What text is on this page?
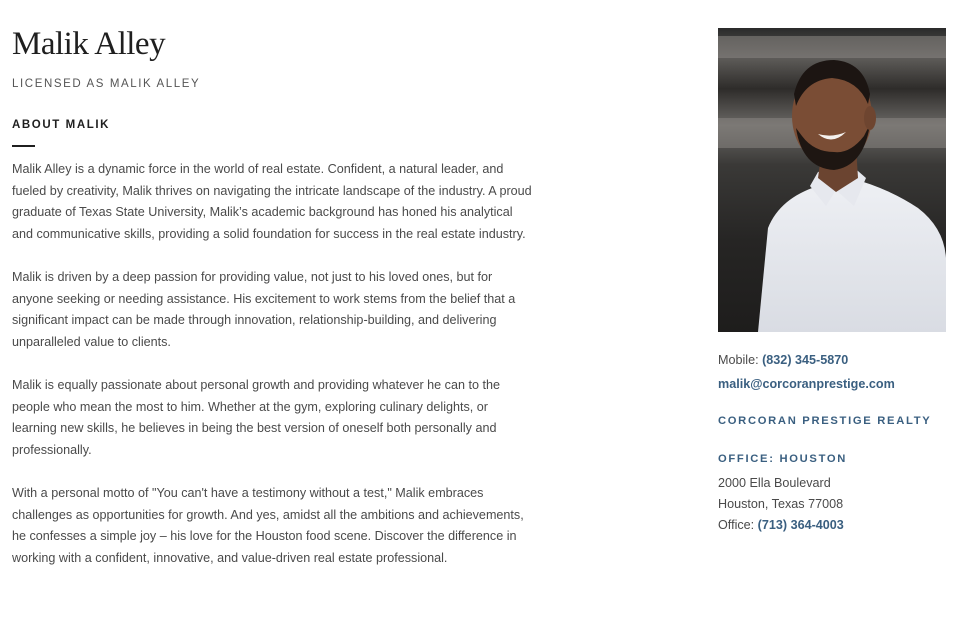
Malik Alley
LICENSED AS MALIK ALLEY
ABOUT MALIK

Malik Alley is a dynamic force in the world of real estate. Confident, a natural leader, and fueled by creativity, Malik thrives on navigating the intricate landscape of the industry. A proud graduate of Texas State University, Malik’s academic background has honed his analytical and communicative skills, providing a solid foundation for success in the real estate industry.

Malik is driven by a deep passion for providing value, not just to his loved ones, but for anyone seeking or needing assistance. His excitement to work stems from the belief that a significant impact can be made through innovation, relationship-building, and delivering unparalleled value to clients.

Malik is equally passionate about personal growth and providing whatever he can to the people who mean the most to him. Whether at the gym, exploring culinary delights, or learning new skills, he believes in being the best version of oneself both personally and professionally.

With a personal motto of "You can't have a testimony without a test," Malik embraces challenges as opportunities for growth. And yes, amidst all the ambitions and achievements, he confesses a simple joy – his love for the Houston food scene. Discover the difference in working with a confident, innovative, and value-driven real estate professional.

Mobile: (832) 345-5870
malik@corcoranprestige.com
CORCORAN PRESTIGE REALTY
OFFICE: HOUSTON
2000 Ella Boulevard
Houston, Texas 77008
Office: (713) 364-4003
